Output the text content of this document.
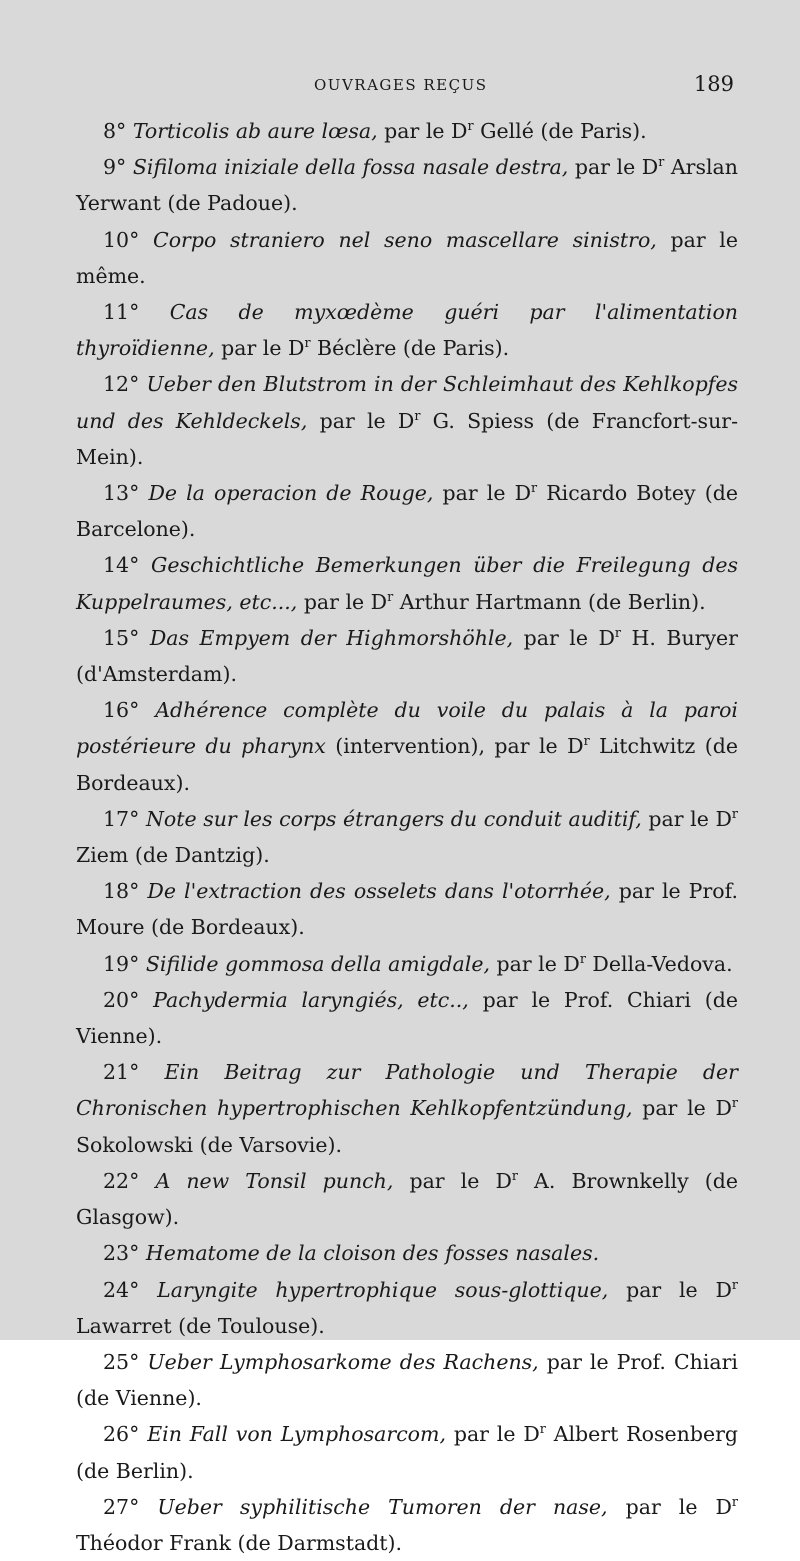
OUVRAGES REÇUS	189

8° Torticolis ab aure lœsa, par le $D^r$ Gellé (de Paris).

9° Sifiloma iniziale della fossa nasale destra, par le $D^r$ Arslan Yerwant (de Padoue).

10° Corpo straniero nel seno mascellare sinistro, par le même.

11° Cas de myxœdème guéri par l'alimentation thyroïdienne, par le $D^r$ Béclère (de Paris).

12° Ueber den Blutstrom in der Schleimhaut des Kehlkopfes und des Kehldeckels, par le $D^r$ G. Spiess (de Francfort-sur-Mein).

13° De la operacion de Rouge, par le $D^r$ Ricardo Botey (de Barcelone).

14° Geschichtliche Bemerkungen über die Freilegung des Kuppelraumes, etc..., par le $D^r$ Arthur Hartmann (de Berlin).

15° Das Empyem der Highmorshöhle, par le $D^r$ H. Buryer (d'Amsterdam).

16° Adhérence complète du voile du palais à la paroi postérieure du pharynx (intervention), par le $D^r$ Litchwitz (de Bordeaux).

17° Note sur les corps étrangers du conduit auditif, par le $D^r$ Ziem (de Dantzig).

18° De l'extraction des osselets dans l'otorrhée, par le Prof. Moure (de Bordeaux).

19° Sifilide gommosa della amigdale, par le $D^r$ Della-Vedova.

20° Pachydermia laryngiés, etc.., par le Prof. Chiari (de Vienne).

21° Ein Beitrag zur Pathologie und Therapie der Chronischen hypertrophischen Kehlkopfentzündung, par le $D^r$ Sokolowski (de Varsovie).

22° A new Tonsil punch, par le $D^r$ A. Brownkelly (de Glasgow).

23° Hematome de la cloison des fosses nasales.

24° Laryngite hypertrophique sous-glottique, par le $D^r$ Lawarret (de Toulouse).

25° Ueber Lymphosarkome des Rachens, par le Prof. Chiari (de Vienne).

26° Ein Fall von Lymphosarcom, par le $D^r$ Albert Rosenberg (de Berlin).

27° Ueber syphilitische Tumoren der nase, par le $D^r$ Théodor Frank (de Darmstadt).
